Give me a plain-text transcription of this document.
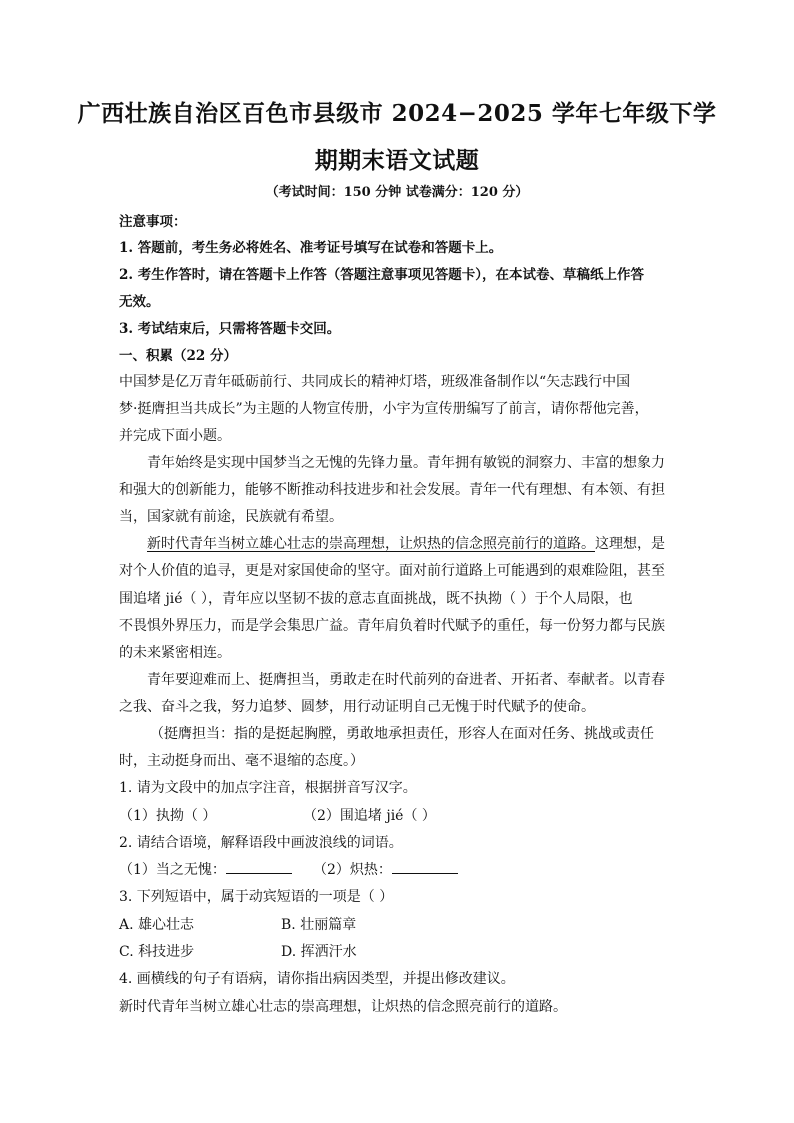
广西壮族自治区百色市县级市 2024−2025 学年七年级下学
期期末语文试题
（考试时间：150 分钟 试卷满分：120 分）
注意事项：
1. 答题前，考生务必将姓名、准考证号填写在试卷和答题卡上。
2. 考生作答时，请在答题卡上作答（答题注意事项见答题卡），在本试卷、草稿纸上作答
无效。
3. 考试结束后，只需将答题卡交回。
一、积累（22 分）
中国梦是亿万青年砥砺前行、共同成长的精神灯塔，班级准备制作以“矢志践行中国
梦·挺膺担当共成长”为主题的人物宣传册，小宇为宣传册编写了前言，请你帮他完善，
并完成下面小题。
青年始终是实现中国梦当之无愧的先锋力量。青年拥有敏锐的洞察力、丰富的想象力
和强大的创新能力，能够不断推动科技进步和社会发展。青年一代有理想、有本领、有担
当，国家就有前途，民族就有希望。
新时代青年当树立雄心壮志的崇高理想，让炽热的信念照亮前行的道路。这理想，是
对个人价值的追寻，更是对家国使命的坚守。面对前行道路上可能遇到的艰难险阻，甚至
围追堵 jié（ ），青年应以坚韧不拔的意志直面挑战，既不执拗（ ）于个人局限，也
不畏惧外界压力，而是学会集思广益。青年肩负着时代赋予的重任，每一份努力都与民族
的未来紧密相连。
青年要迎难而上、挺膺担当，勇敢走在时代前列的奋进者、开拓者、奉献者。以青春
之我、奋斗之我，努力追梦、圆梦，用行动证明自己无愧于时代赋予的使命。
（挺膺担当：指的是挺起胸膛，勇敢地承担责任，形容人在面对任务、挑战或责任
时，主动挺身而出、毫不退缩的态度。）
1. 请为文段中的加点字注音，根据拼音写汉字。
（1）执拗（ ）	（2）围追堵 jié（ ）
2. 请结合语境，解释语段中画波浪线的词语。
（1）当之无愧：	（2）炽热：
3. 下列短语中，属于动宾短语的一项是（ ）
A. 雄心壮志	B. 壮丽篇章
C. 科技进步	D. 挥洒汗水
4. 画横线的句子有语病，请你指出病因类型，并提出修改建议。
新时代青年当树立雄心壮志的崇高理想，让炽热的信念照亮前行的道路。
